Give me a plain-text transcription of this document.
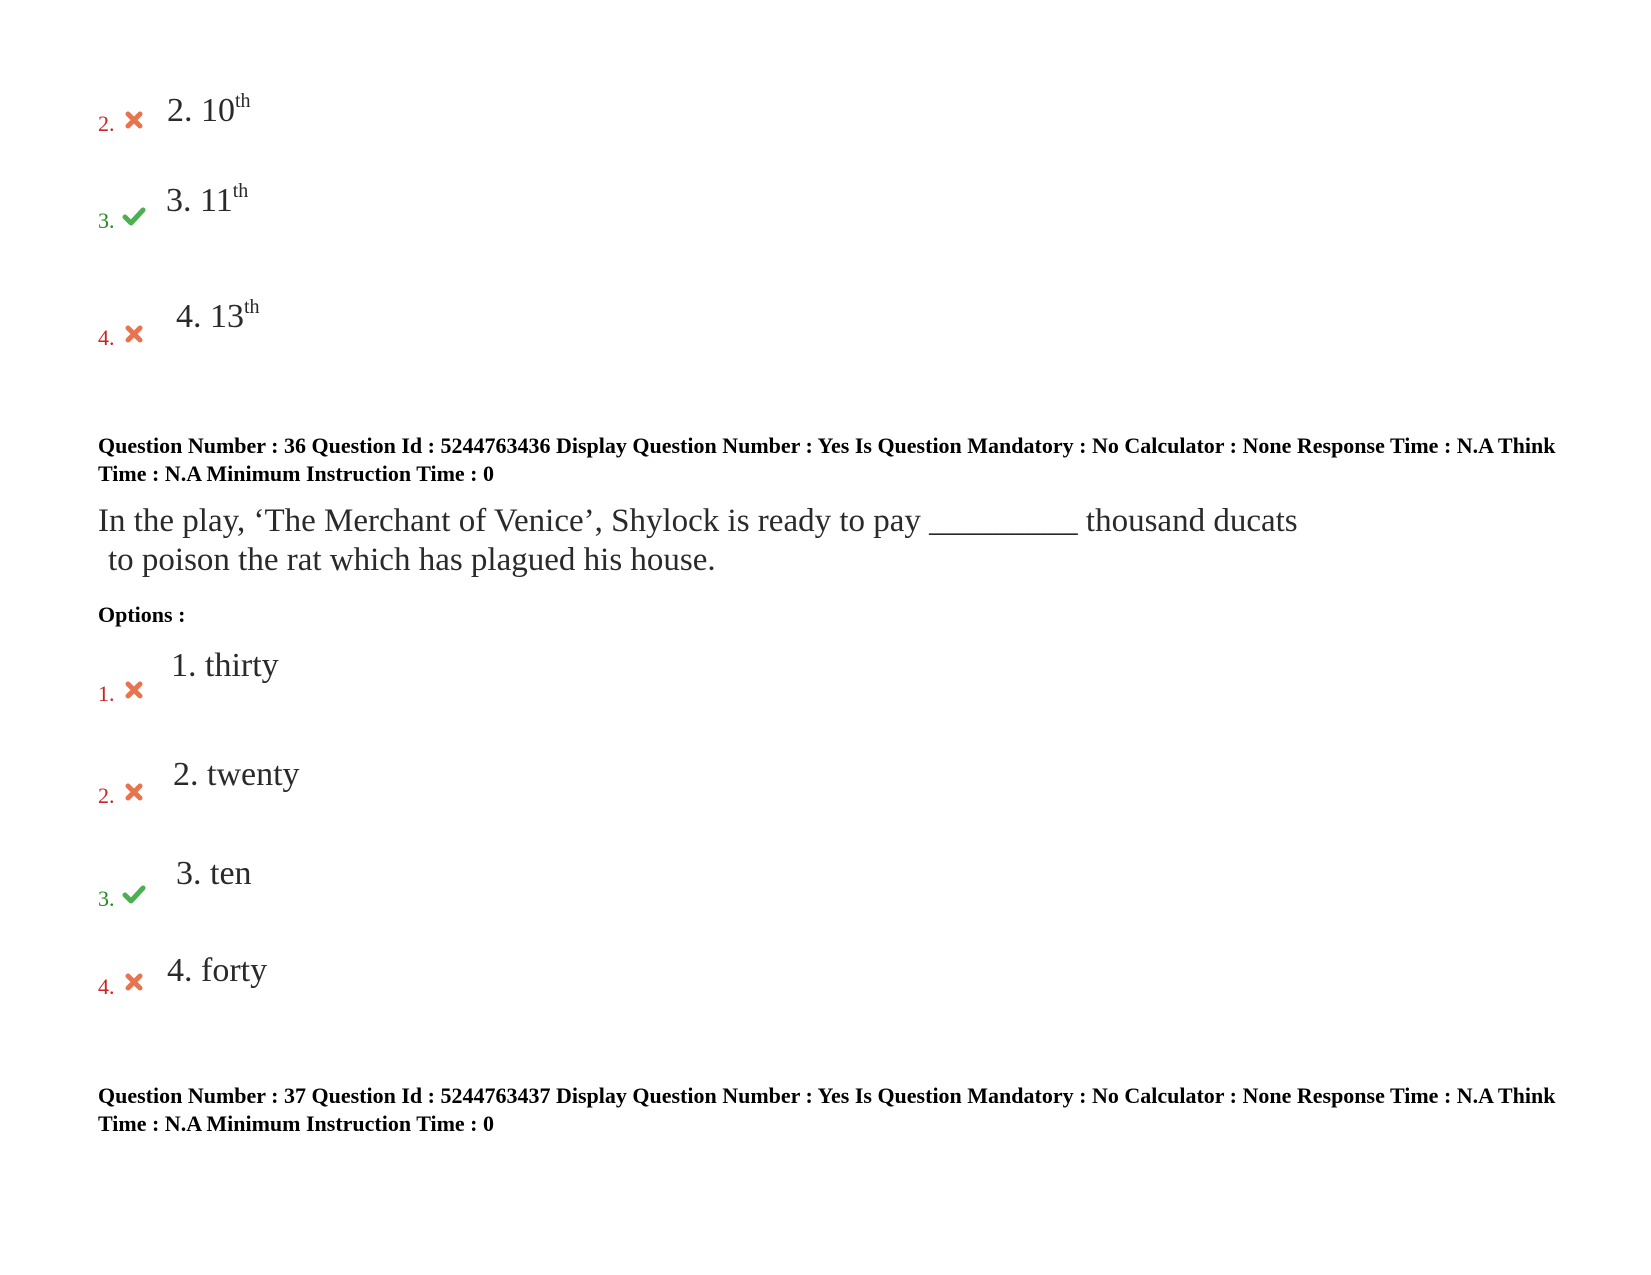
2. 2. 10th
3.
3. 11th
4.
4. 13th
Question Number : 36 Question Id : 5244763436 Display Question Number : Yes Is Question Mandatory : No Calculator : None Response Time : N.A Think Time : N.A Minimum Instruction Time : 0
In the play, ‘The Merchant of Venice’, Shylock is ready to pay _________ thousand ducats
to poison the rat which has plagued his house.
Options :
1.
1. thirty
2.
2. twenty
3.
3. ten
4. 4. forty
Question Number : 37 Question Id : 5244763437 Display Question Number : Yes Is Question Mandatory : No Calculator : None Response Time : N.A Think Time : N.A Minimum Instruction Time : 0
